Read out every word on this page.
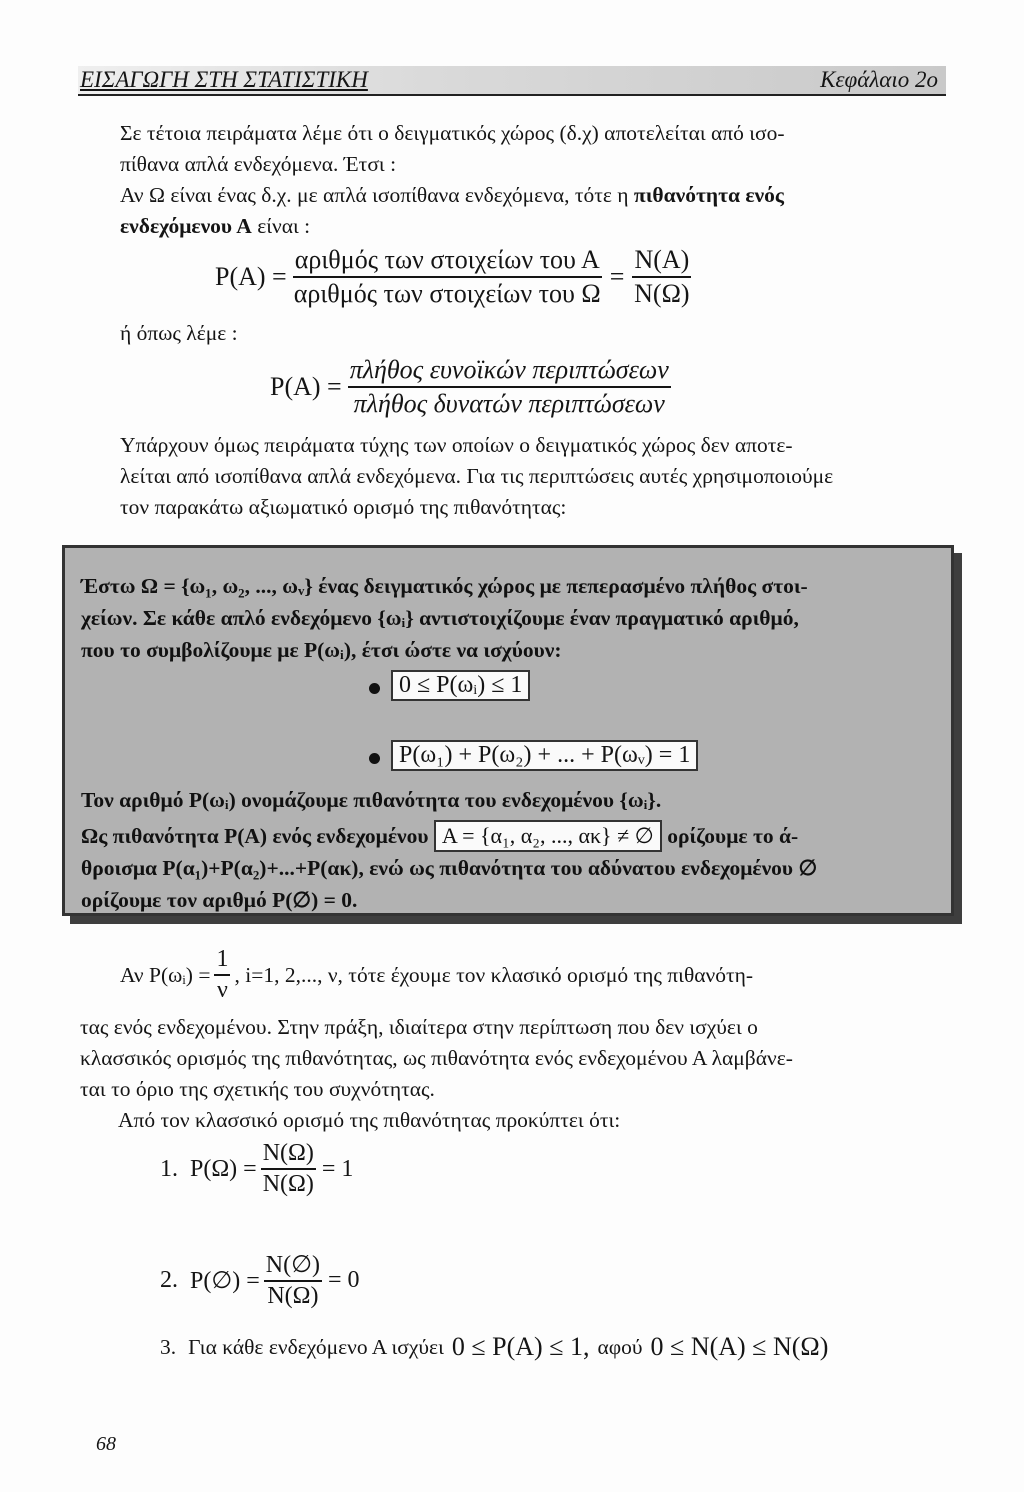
ΕΙΣΑΓΩΓΗ ΣΤΗ ΣΤΑΤΙΣΤΙΚΗ	Κεφάλαιο 2ο
Σε τέτοια πειράματα λέμε ότι ο δειγματικός χώρος (δ.χ) αποτελείται από ισο-
πίθανα απλά ενδεχόμενα. Έτσι :
Αν Ω είναι ένας δ.χ. με απλά ισοπίθανα ενδεχόμενα, τότε η πιθανότητα ενός
ενδεχόμενου Α είναι :
$P(A) = \frac{\text{αριθμός των στοιχείων του Α}}{\text{αριθμός των στοιχείων του Ω}} = \frac{N(A)}{N(\Omega)}$
ή όπως λέμε :
$P(A) = \frac{\text{πλήθος ευνοϊκών περιπτώσεων}}{\text{πλήθος δυνατών περιπτώσεων}}$
Υπάρχουν όμως πειράματα τύχης των οποίων ο δειγματικός χώρος δεν αποτε-
λείται από ισοπίθανα απλά ενδεχόμενα. Για τις περιπτώσεις αυτές χρησιμοποιούμε
τον παρακάτω αξιωματικό ορισμό της πιθανότητας:
Έστω Ω = {ω₁, ω₂, ..., ωᵥ} ένας δειγματικός χώρος με πεπερασμένο πλήθος στοι-
χείων. Σε κάθε απλό ενδεχόμενο {ωᵢ} αντιστοιχίζουμε έναν πραγματικό αριθμό,
που το συμβολίζουμε με P(ωᵢ), έτσι ώστε να ισχύουν:
0 ≤ P(ωᵢ) ≤ 1
P(ω₁) + P(ω₂) + ... + P(ωᵥ) = 1
Τον αριθμό P(ωᵢ) ονομάζουμε πιθανότητα του ενδεχομένου {ωᵢ}.
Ως πιθανότητα P(A) ενός ενδεχομένου A = {α₁, α₂, ..., ακ} ≠ ∅ ορίζουμε το ά-
θροισμα P(α₁)+P(α₂)+...+P(ακ), ενώ ως πιθανότητα του αδύνατου ενδεχομένου ∅
ορίζουμε τον αριθμό P(∅) = 0.
Αν P(ωᵢ) = $\frac{1}{\nu}$ , i=1, 2,..., ν, τότε έχουμε τον κλασικό ορισμό της πιθανότη-
τας ενός ενδεχομένου. Στην πράξη, ιδιαίτερα στην περίπτωση που δεν ισχύει ο
κλασσικός ορισμός της πιθανότητας, ως πιθανότητα ενός ενδεχομένου Α λαμβάνε-
ται το όριο της σχετικής του συχνότητας.
Από τον κλασσικό ορισμό της πιθανότητας προκύπτει ότι:
1. $P(\Omega) = \frac{N(\Omega)}{N(\Omega)} = 1$
2. P(∅) = $\frac{N(\emptyset)}{N(\Omega)} = 0$
3. Για κάθε ενδεχόμενο Α ισχύει 0 ≤ P(A) ≤ 1, αφού 0 ≤ N(A) ≤ N(Ω)
68
